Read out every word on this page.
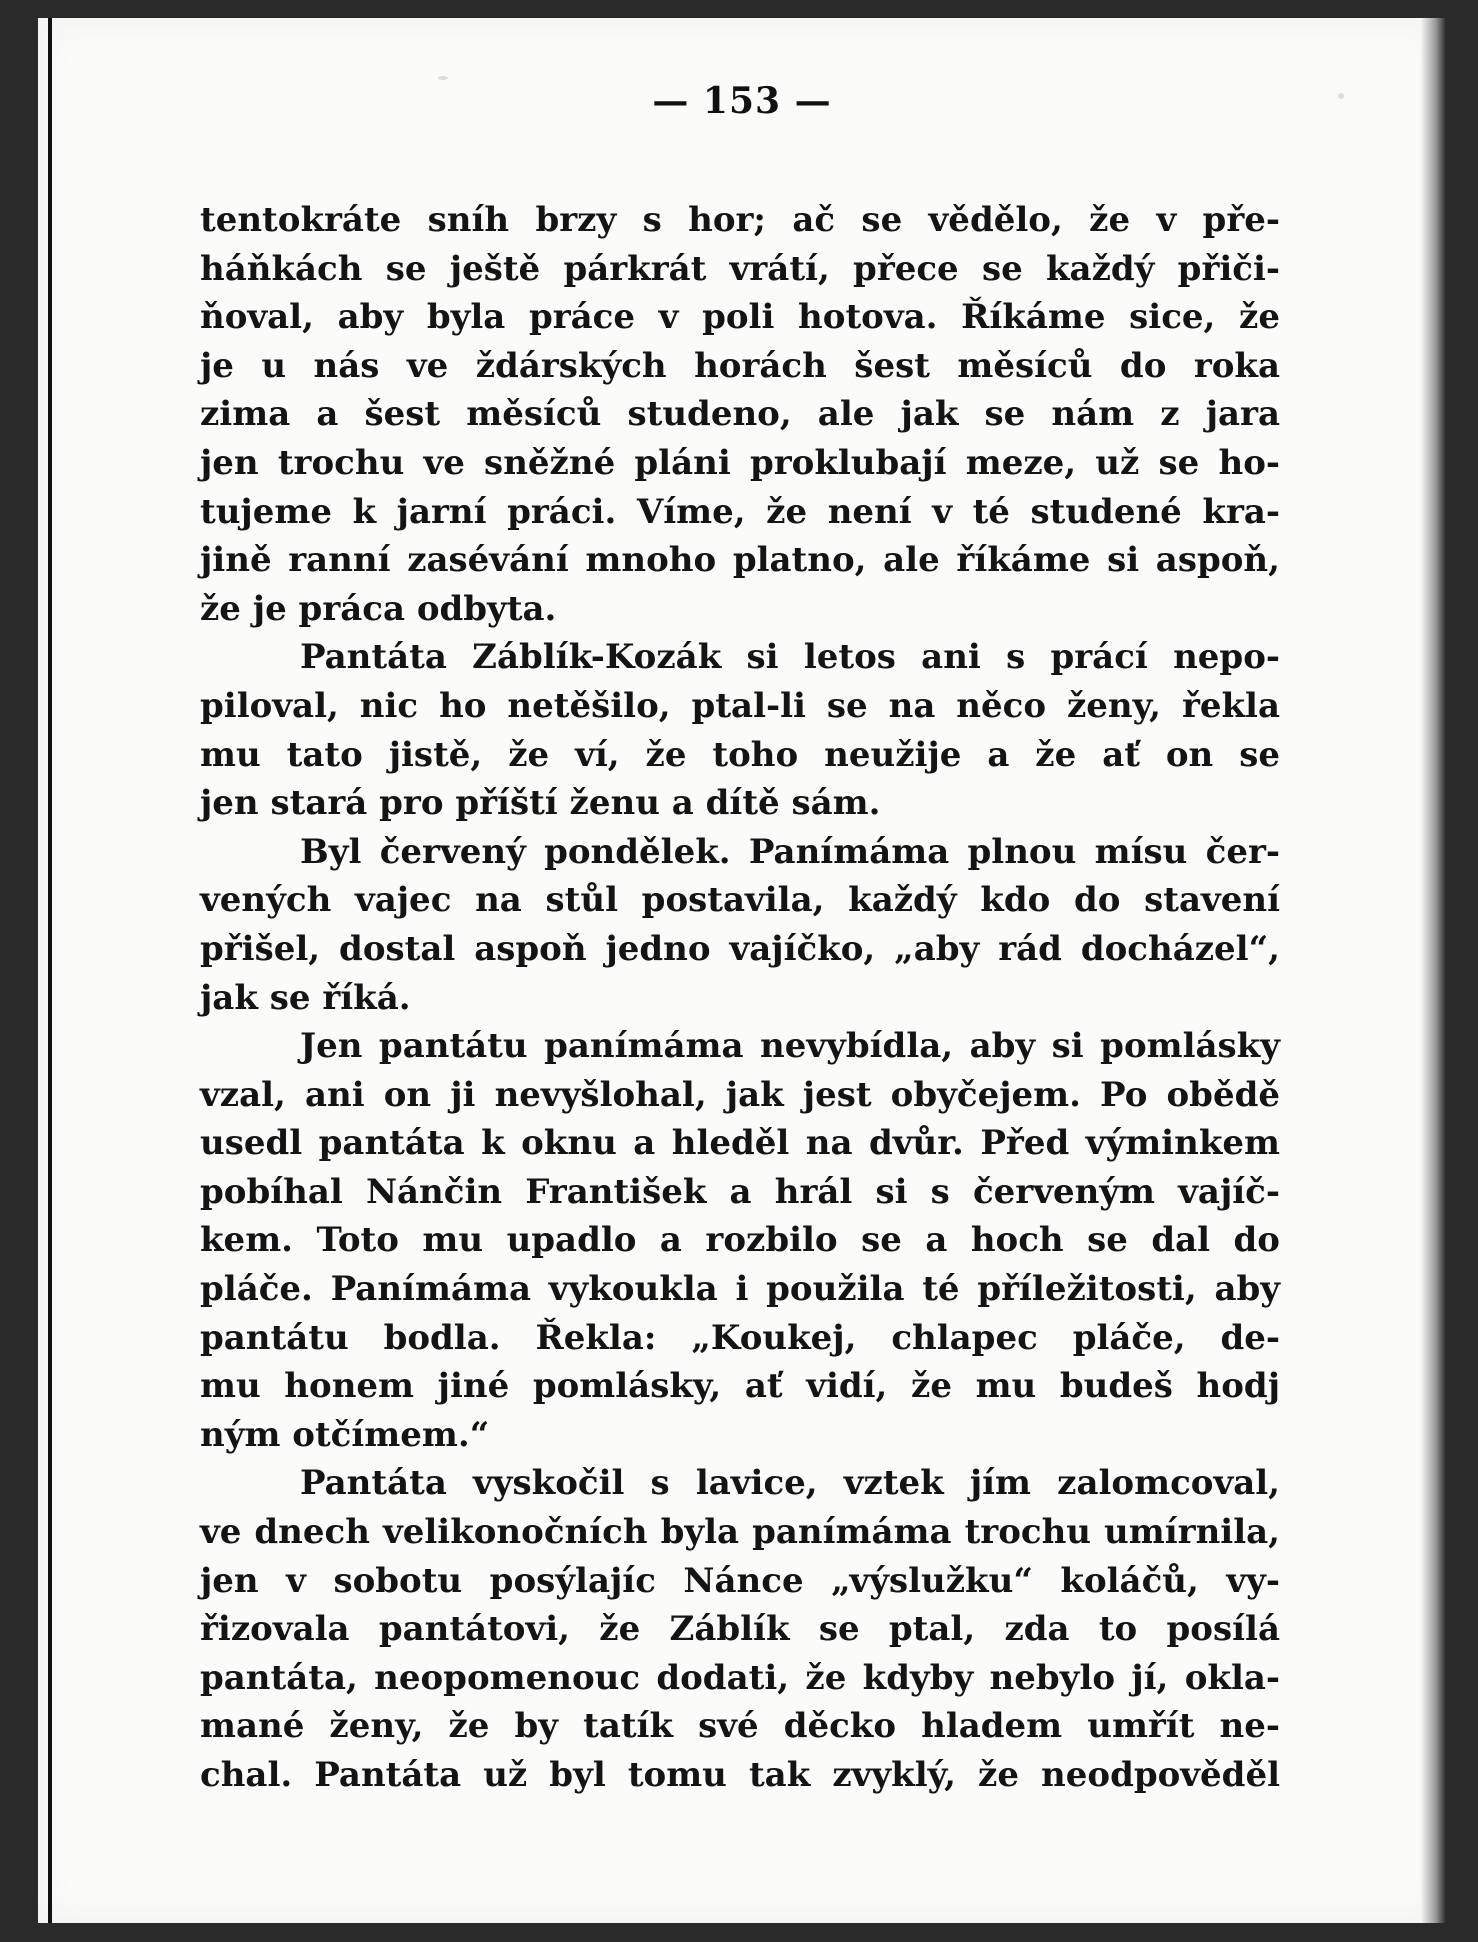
— 153 —
tentokráte sníh brzy s hor; ač se vědělo, že v pře-
háňkách se ještě párkrát vrátí, přece se každý přiči-
ňoval, aby byla práce v poli hotova. Říkáme sice, že
je u nás ve ždárských horách šest měsíců do roka
zima a šest měsíců studeno, ale jak se nám z jara
jen trochu ve sněžné pláni proklubají meze, už se ho-
tujeme k jarní práci. Víme, že není v té studené kra-
jině ranní zasévání mnoho platno, ale říkáme si aspoň,
že je práca odbyta.
Pantáta Záblík-Kozák si letos ani s prácí nepo-
piloval, nic ho netěšilo, ptal-li se na něco ženy, řekla
mu tato jistě, že ví, že toho neužije a že ať on se
jen stará pro příští ženu a dítě sám.
Byl červený pondělek. Panímáma plnou mísu čer-
vených vajec na stůl postavila, každý kdo do stavení
přišel, dostal aspoň jedno vajíčko, „aby rád docházel“,
jak se říká.
Jen pantátu panímáma nevybídla, aby si pomlásky
vzal, ani on ji nevyšlohal, jak jest obyčejem. Po obědě
usedl pantáta k oknu a hleděl na dvůr. Před výminkem
pobíhal Nánčin František a hrál si s červeným vajíč-
kem. Toto mu upadlo a rozbilo se a hoch se dal do
pláče. Panímáma vykoukla i použila té příležitosti, aby
pantátu bodla. Řekla: „Koukej, chlapec pláče, de-
mu honem jiné pomlásky, ať vidí, že mu budeš hodj
ným otčímem.“
Pantáta vyskočil s lavice, vztek jím zalomcoval,
ve dnech velikonočních byla panímáma trochu umírnila,
jen v sobotu posýlajíc Nánce „výslužku“ koláčů, vy-
řizovala pantátovi, že Záblík se ptal, zda to posílá
pantáta, neopomenouc dodati, že kdyby nebylo jí, okla-
mané ženy, že by tatík své děcko hladem umřít ne-
chal. Pantáta už byl tomu tak zvyklý, že neodpověděl
